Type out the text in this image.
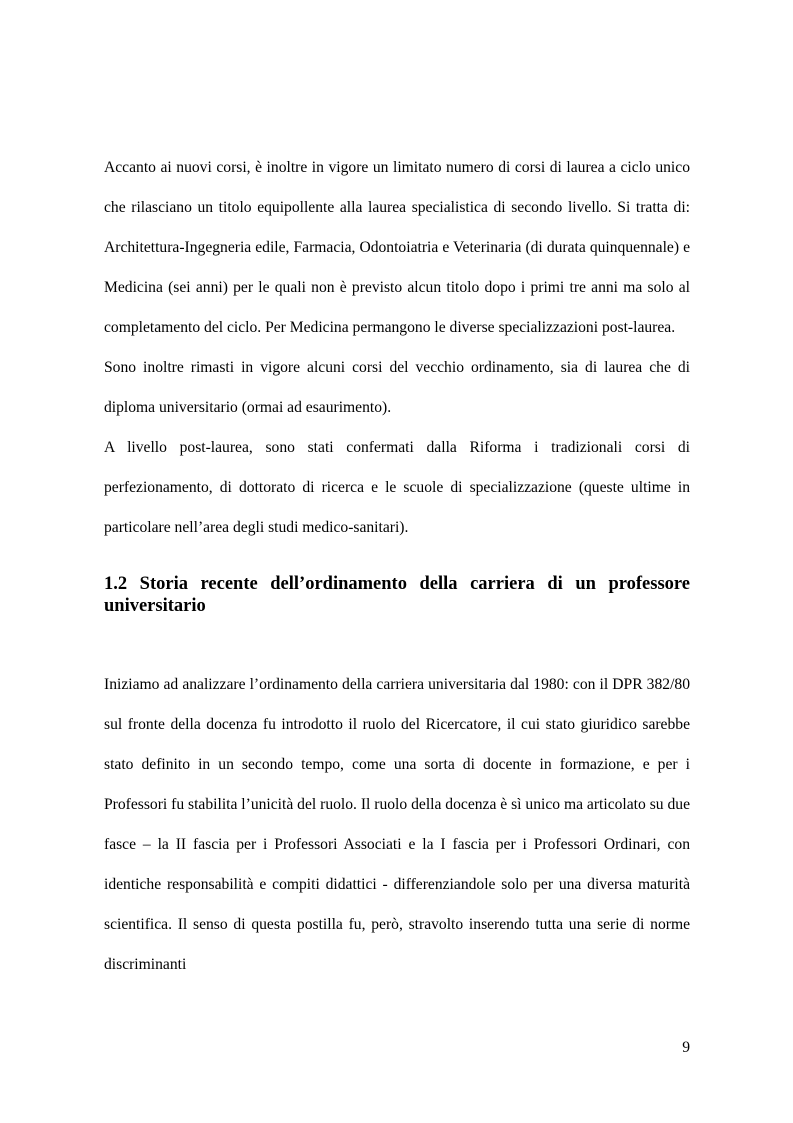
Accanto ai nuovi corsi, è inoltre in vigore un limitato numero di corsi di laurea a ciclo unico che rilasciano un titolo equipollente alla laurea specialistica di secondo livello. Si tratta di: Architettura-Ingegneria edile, Farmacia, Odontoiatria e Veterinaria (di durata quinquennale) e Medicina (sei anni) per le quali non è previsto alcun titolo dopo i primi tre anni ma solo al completamento del ciclo. Per Medicina permangono le diverse specializzazioni post-laurea.

Sono inoltre rimasti in vigore alcuni corsi del vecchio ordinamento, sia di laurea che di diploma universitario (ormai ad esaurimento).

A livello post-laurea, sono stati confermati dalla Riforma i tradizionali corsi di perfezionamento, di dottorato di ricerca e le scuole di specializzazione (queste ultime in particolare nell’area degli studi medico-sanitari).

1.2 Storia recente dell’ordinamento della carriera di un professore universitario

Iniziamo ad analizzare l’ordinamento della carriera universitaria dal 1980: con il DPR 382/80 sul fronte della docenza fu introdotto il ruolo del Ricercatore, il cui stato giuridico sarebbe stato definito in un secondo tempo, come una sorta di docente in formazione, e per i Professori fu stabilita l’unicità del ruolo. Il ruolo della docenza è sì unico ma articolato su due fasce – la II fascia per i Professori Associati e la I fascia per i Professori Ordinari, con identiche responsabilità e compiti didattici - differenziandole solo per una diversa maturità scientifica. Il senso di questa postilla fu, però, stravolto inserendo tutta una serie di norme discriminanti

9
